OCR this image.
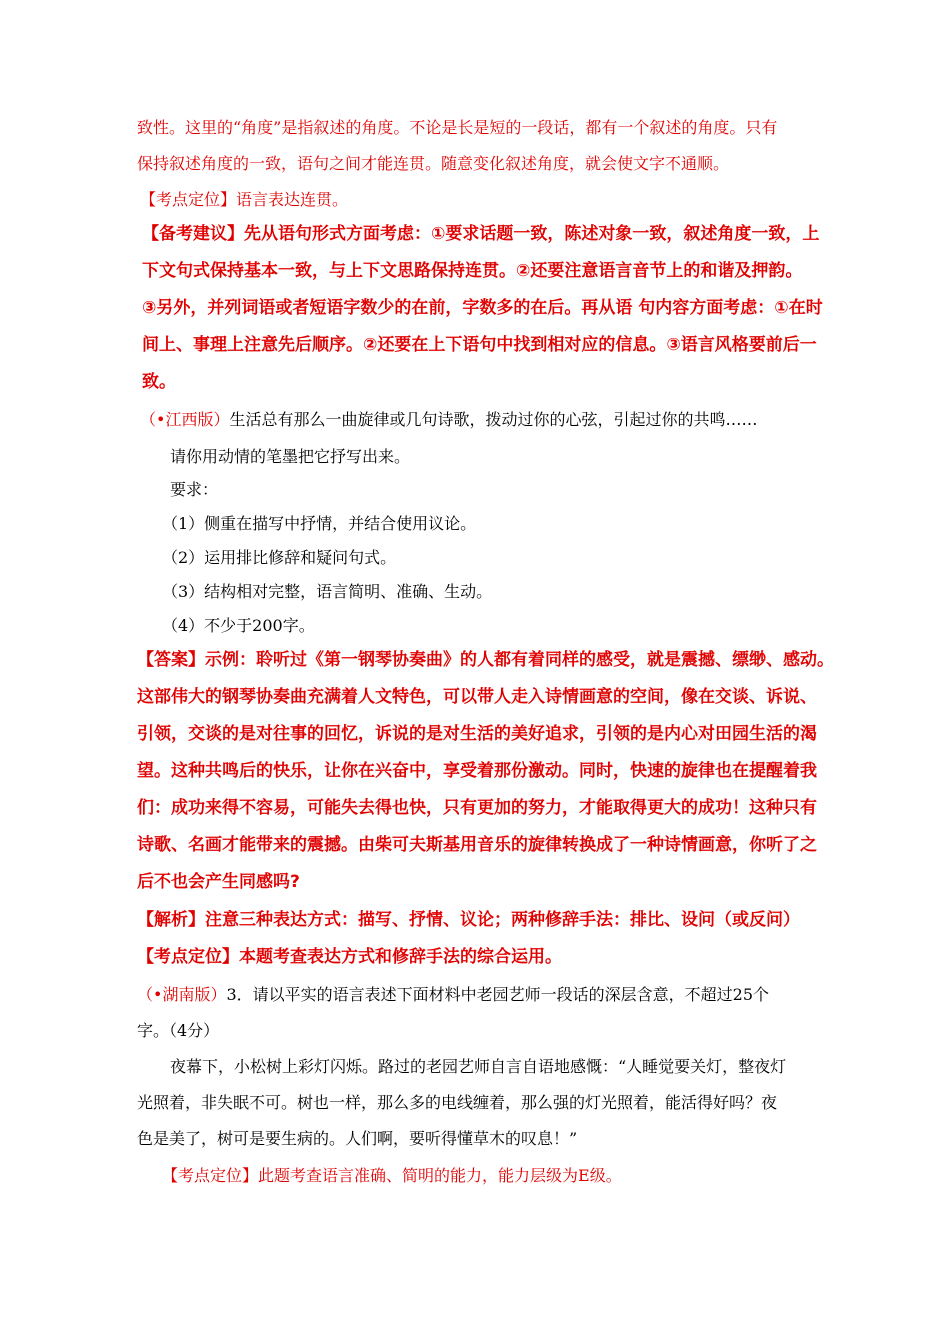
致性。这里的“角度”是指叙述的角度。不论是长是短的一段话，都有一个叙述的角度。只有
保持叙述角度的一致，语句之间才能连贯。随意变化叙述角度，就会使文字不通顺。
【考点定位】语言表达连贯。
【备考建议】先从语句形式方面考虑：①要求话题一致，陈述对象一致，叙述角度一致，上
下文句式保持基本一致，与上下文思路保持连贯。②还要注意语言音节上的和谐及押韵。
③另外，并列词语或者短语字数少的在前，字数多的在后。再从语 句内容方面考虑：①在时
间上、事理上注意先后顺序。②还要在上下语句中找到相对应的信息。③语言风格要前后一
致。
（•江西版）生活总有那么一曲旋律或几句诗歌，拨动过你的心弦，引起过你的共鸣……
请你用动情的笔墨把它抒写出来。
要求：
（1）侧重在描写中抒情，并结合使用议论。
（2）运用排比修辞和疑问句式。
（3）结构相对完整，语言简明、准确、生动。
（4）不少于200字。
【答案】示例：聆听过《第一钢琴协奏曲》的人都有着同样的感受，就是震撼、缥缈、感动。
这部伟大的钢琴协奏曲充满着人文特色，可以带人走入诗情画意的空间，像在交谈、诉说、
引领，交谈的是对往事的回忆，诉说的是对生活的美好追求，引领的是内心对田园生活的渴
望。这种共鸣后的快乐，让你在兴奋中，享受着那份激动。同时，快速的旋律也在提醒着我
们：成功来得不容易，可能失去得也快，只有更加的努力，才能取得更大的成功！这种只有
诗歌、名画才能带来的震撼。由柴可夫斯基用音乐的旋律转换成了一种诗情画意，你听了之
后不也会产生同感吗?
【解析】注意三种表达方式：描写、抒情、议论；两种修辞手法：排比、设问（或反问）
【考点定位】本题考查表达方式和修辞手法的综合运用。
（•湖南版）3．请以平实的语言表述下面材料中老园艺师一段话的深层含意，不超过25个
字。（4分）
夜幕下，小松树上彩灯闪烁。路过的老园艺师自言自语地感慨：“人睡觉要关灯，整夜灯
光照着，非失眠不可。树也一样，那么多的电线缠着，那么强的灯光照着，能活得好吗？夜
色是美了，树可是要生病的。人们啊，要听得懂草木的叹息！”
【考点定位】此题考查语言准确、简明的能力，能力层级为E级。
